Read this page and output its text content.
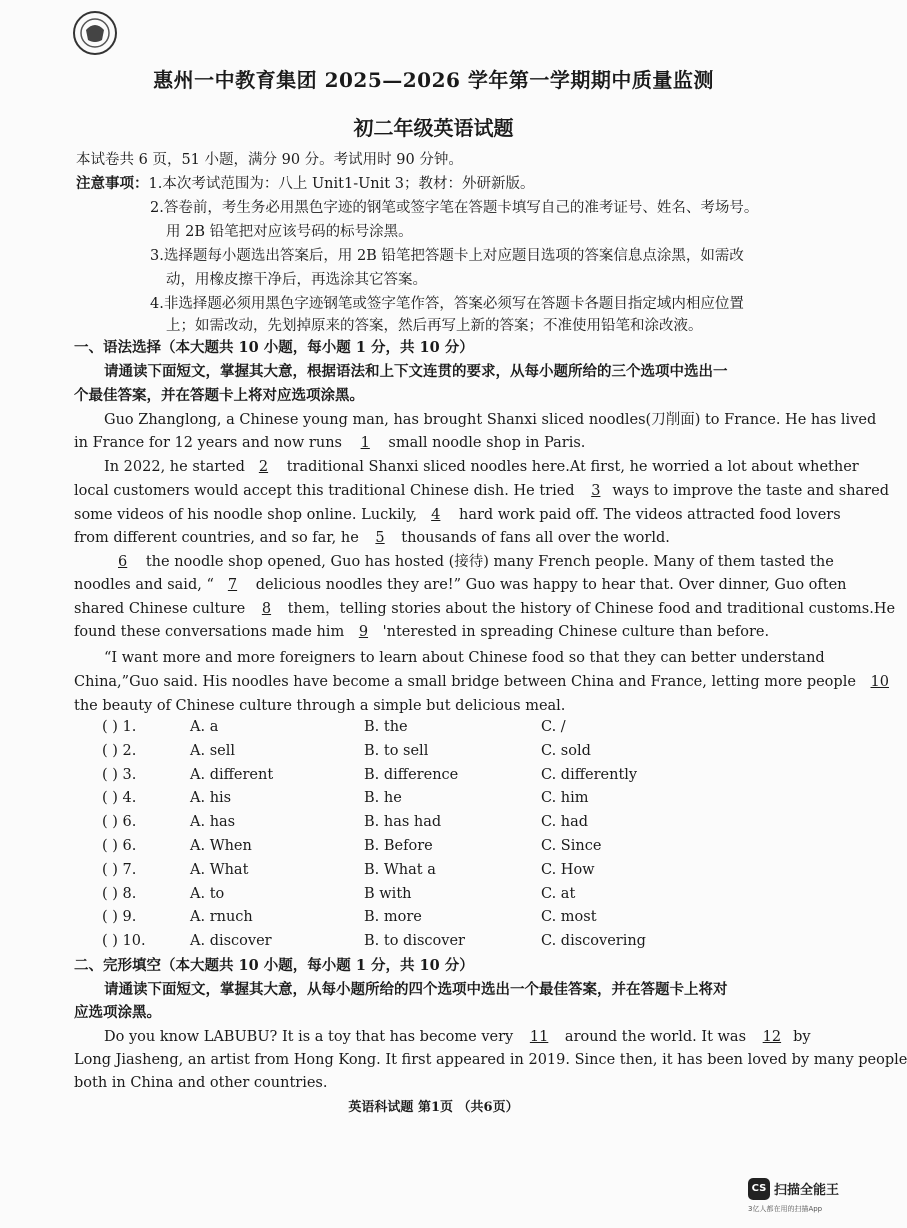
惠州一中教育集团 2025—2026 学年第一学期期中质量监测
初二年级英语试题
本试卷共 6 页，51 小题，满分 90 分。考试用时 90 分钟。
注意事项：1.本次考试范围为：八上 Unit1-Unit 3；教材：外研新版。
2.答卷前，考生务必用黑色字迹的钢笔或签字笔在答题卡填写自己的准考证号、姓名、考场号。
用 2B 铅笔把对应该号码的标号涂黑。
3.选择题每小题选出答案后，用 2B 铅笔把答题卡上对应题目选项的答案信息点涂黑，如需改
动，用橡皮擦干净后，再选涂其它答案。
4.非选择题必须用黑色字迹钢笔或签字笔作答，答案必须写在答题卡各题目指定域内相应位置
上；如需改动，先划掉原来的答案，然后再写上新的答案；不准使用铅笔和涂改液。
一、语法选择（本大题共 10 小题，每小题 1 分，共 10 分）
请通读下面短文，掌握其大意，根据语法和上下文连贯的要求，从每小题所给的三个选项中选出一
个最佳答案，并在答题卡上将对应选项涂黑。
Guo Zhanglong, a Chinese young man, has brought Shanxi sliced noodles(刀削面) to France. He has lived
in France for 12 years and now runs 1 small noodle shop in Paris.
In 2022, he started 2 traditional Shanxi sliced noodles here.At first, he worried a lot about whether
local customers would accept this traditional Chinese dish. He tried 3 ways to improve the taste and shared
some videos of his noodle shop online. Luckily, 4 hard work paid off. The videos attracted food lovers
from different countries, and so far, he 5 thousands of fans all over the world.
6 the noodle shop opened, Guo has hosted (接待) many French people. Many of them tasted the
noodles and said, “ 7 delicious noodles they are!” Guo was happy to hear that. Over dinner, Guo often
shared Chinese culture 8 them，telling stories about the history of Chinese food and traditional customs.He
found these conversations made him 9 'nterested in spreading Chinese culture than before.
“I want more and more foreigners to learn about Chinese food so that they can better understand
China,”Guo said. His noodles have become a small bridge between China and France, letting more people 10
the beauty of Chinese culture through a simple but delicious meal.
( ) 1.	A. a	B. the	C. /
( ) 2.	A. sell	B. to sell	C. sold
( ) 3.	A. different	B. difference	C. differently
( ) 4.	A. his	B. he	C. him
( ) 6.	A. has	B. has had	C. had
( ) 6.	A. When	B. Before	C. Since
( ) 7.	A. What	B. What a	C. How
( ) 8.	A. to	B with	C. at
( ) 9.	A. rnuch	B. more	C. most
( ) 10.	A. discover	B. to discover	C. discovering
二、完形填空（本大题共 10 小题，每小题 1 分，共 10 分）
请通读下面短文，掌握其大意，从每小题所给的四个选项中选出一个最佳答案，并在答题卡上将对
应选项涂黑。
Do you know LABUBU? It is a toy that has become very 11 around the world. It was 12 by
Long Jiasheng, an artist from Hong Kong. It first appeared in 2019. Since then, it has been loved by many people
both in China and other countries.
英语科试题 第1页 （共6页）
CS 扫描全能王
3亿人都在用的扫描App
